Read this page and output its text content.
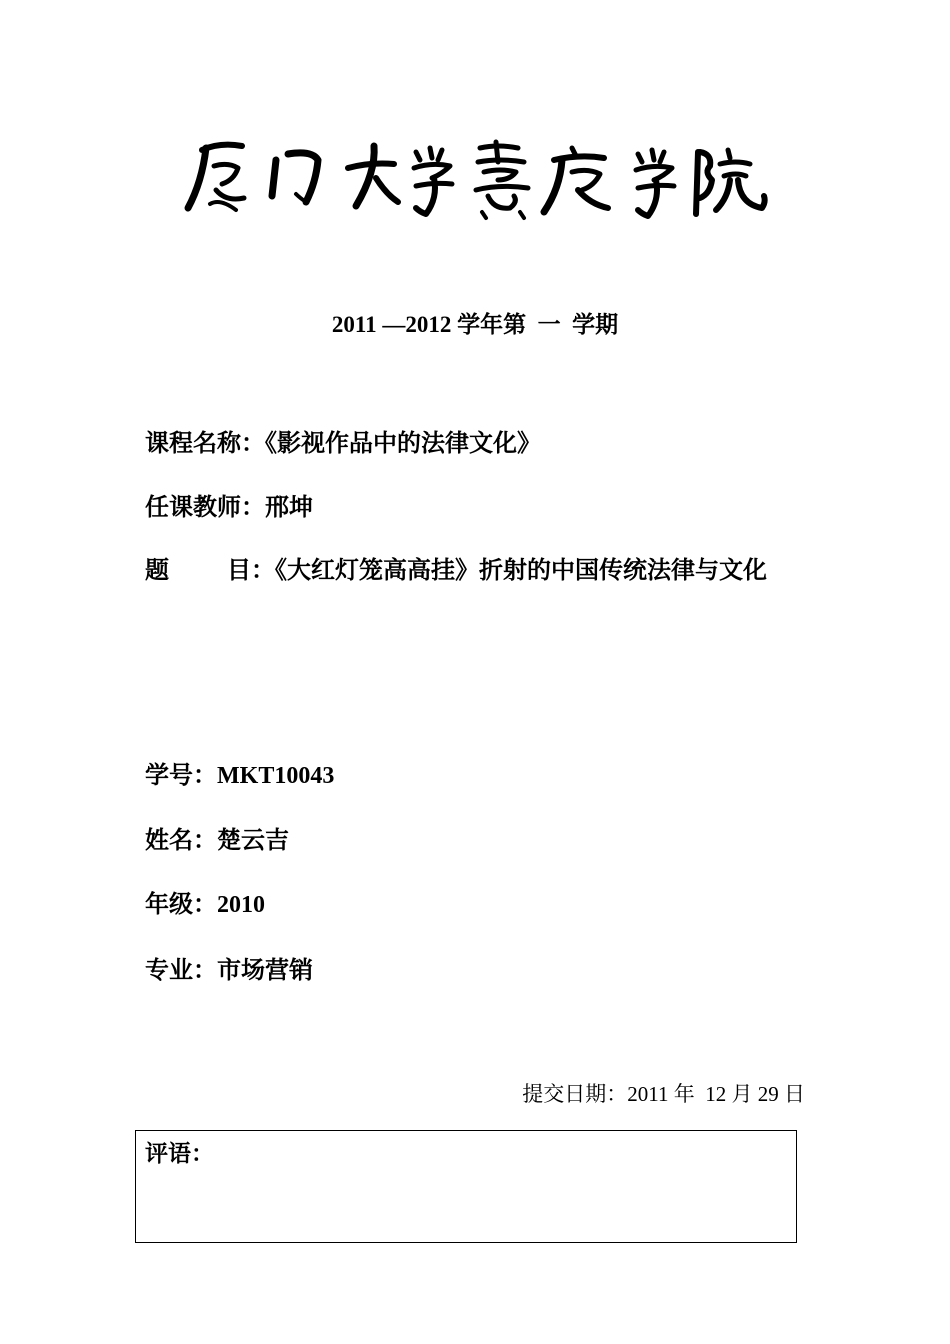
2011 —2012 学年第  一  学期
课程名称：《影视作品中的法律文化》
任课教师：邢坤
题 目：《大红灯笼高高挂》折射的中国传统法律与文化
学号：MKT10043
姓名：楚云吉
年级：2010
专业：市场营销
提交日期：2011 年  12 月 29 日
评语：
